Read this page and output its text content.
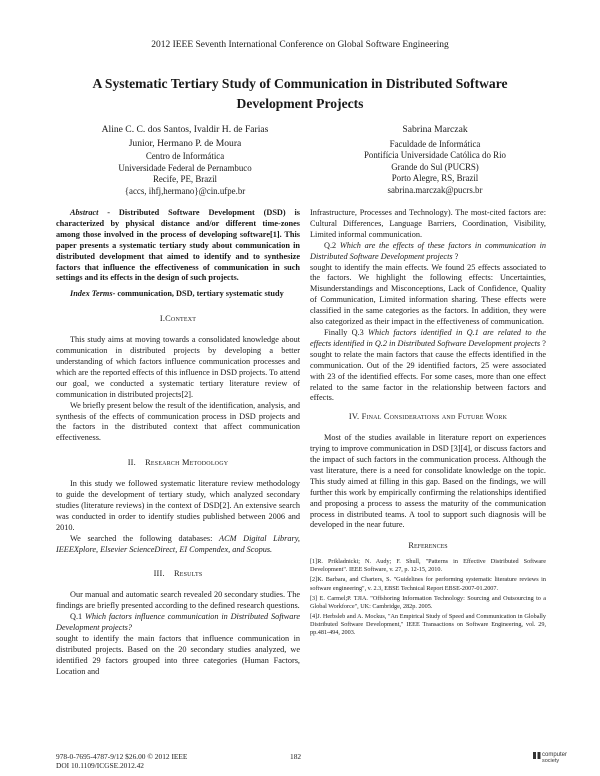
2012 IEEE Seventh International Conference on Global Software Engineering
A Systematic Tertiary Study of Communication in Distributed Software Development Projects
Aline C. C. dos Santos, Ivaldir H. de Farias
Junior, Hermano P. de Moura
Centro de Informática
Universidade Federal de Pernambuco
Recife, PE, Brazil
{accs, ihfj,hermano}@cin.ufpe.br
Sabrina Marczak
Faculdade de Informática
Pontifícia Universidade Católica do Rio
Grande do Sul (PUCRS)
Porto Alegre, RS, Brazil
sabrina.marczak@pucrs.br

Abstract - Distributed Software Development (DSD) is characterized by physical distance and/or different time-zones among those involved in the process of developing software[1]. This paper presents a systematic tertiary study about communication in distributed development that aimed to identify and to synthesize factors that influence the effectiveness of communication in such settings and its effects in the design of such projects.

Index Terms- communication, DSD, tertiary systematic study

I.Context

This study aims at moving towards a consolidated knowledge about communication in distributed projects by developing a better understanding of which factors influence communication processes and which are the reported effects of this influence in DSD projects. To attend our goal, we conducted a systematic tertiary literature review of communication in distributed projects[2].

We briefly present below the result of the identification, analysis, and synthesis of the effects of communication process in DSD projects and the factors in the distributed context that affect communication effectiveness.

II.    Research Metodology

In this study we followed systematic literature review methodology to guide the development of tertiary study, which analyzed secondary studies (literature reviews) in the context of DSD[2]. An extensive search was conducted in order to identify studies published between 2006 and 2010.

We searched the following databases: ACM Digital Library, IEEEXplore, Elsevier ScienceDirect, EI Compendex, and Scopus.

III.    Results

Our manual and automatic search revealed 20 secondary studies. The findings are briefly presented according to the defined research questions.

Q.1 Which factors influence communication in Distributed Software Development projects?

sought to identify the main factors that influence communication in distributed projects. Based on the 20 secondary studies analyzed, we identified 29 factors grouped into three categories (Human Factors, Location and

Infrastructure, Processes and Technology). The most-cited factors are: Cultural Differences, Language Barriers, Coordination, Visibility, Limited informal communication.

Q.2 Which are the effects of these factors in communication in Distributed Software Development projects ?

sought to identify the main effects. We found 25 effects associated to the factors. We highlight the following effects: Uncertainties, Misunderstandings and Misconceptions, Lack of Confidence, Quality of Communication, Limited information sharing. These effects were classified in the same categories as the factors. In addition, they were also categorized as their impact in the effectiveness of communication.

Finally Q.3 Which factors identified in Q.1 are related to the effects identified in Q.2 in Distributed Software Development projects ?

sought to relate the main factors that cause the effects identified in the communication. Out of the 29 identified factors, 25 were associated with 23 of the identified effects. For some cases, more than one effect related to the same factor in the relationship between factors and effects.

IV. Final Considerations and Future Work

Most of the studies available in literature report on experiences trying to improve communication in DSD [3][4], or discuss factors and the impact of such factors in the communication process. Although the vast literature, there is a need for consolidate knowledge on the topic. This study aimed at filling in this gap. Based on the findings, we will further this work by empirically confirming the relationships identified and proposing a process to assess the maturity of the communication process in distributed teams. A tool to support such diagnosis will be developed in the near future.

References

[1]R. Prikladnicki; N. Audy; F. Shull, "Patterns in Effective Distributed Software Development". IEEE Software, v. 27, p. 12-15, 2010.

[2]K. Barbara, and Charters, S. "Guidelines for performing systematic literature reviews in software engineering", v. 2.3, EBSE Technical Report EBSE-2007-01.2007.

[3] E. Carmel;P. TJIA. "Offshoring Information Technology: Sourcing and Outsourcing to a Global Workforce", UK: Cambridge, 282p. 2005.

[4]J. Herbsleb and A. Mockus, "An Empirical Study of Speed and Communication in Globally Distributed Software Development," IEEE Transactions on Software Engineering, vol. 29, pp.481-494, 2003.

978-0-7695-4787-9/12 $26.00 © 2012 IEEE
DOI 10.1109/ICGSE.2012.42
182	computer
society
